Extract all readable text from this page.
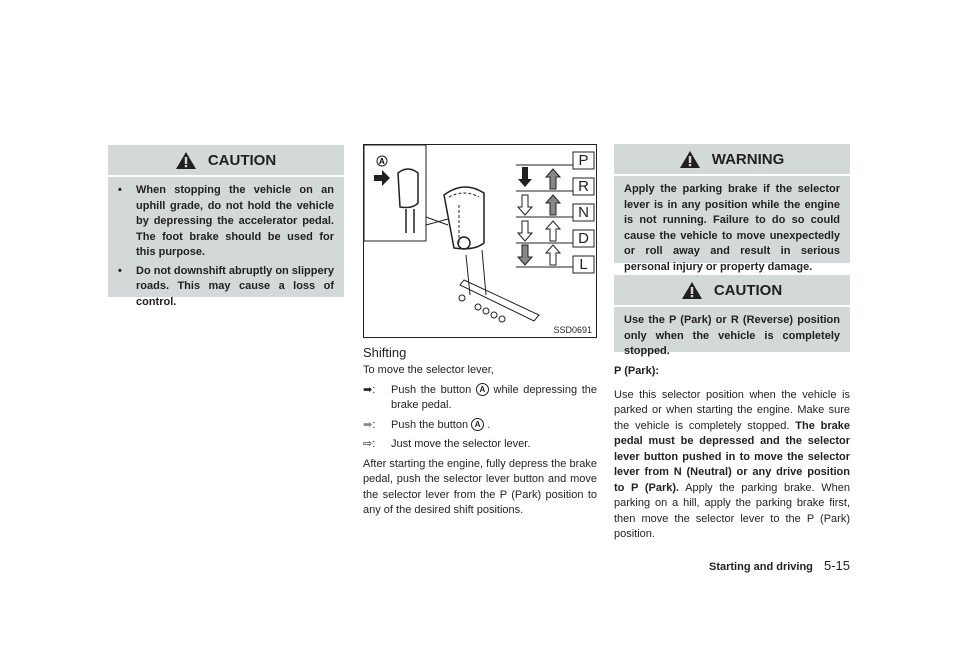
CAUTION
•	When stopping the vehicle on an uphill grade, do not hold the vehicle by depressing the accelerator pedal. The foot brake should be used for this purpose.
•	Do not downshift abruptly on slippery roads. This may cause a loss of control.
A	P
R
N
D
L
SSD0691
Shifting
To move the selector lever,
➡:	Push the button A while depressing the brake pedal.
➡:	Push the button A .
⇨:	Just move the selector lever.
After starting the engine, fully depress the brake pedal, push the selector lever button and move the selector lever from the P (Park) position to any of the desired shift positions.
WARNING
Apply the parking brake if the selector lever is in any position while the engine is not running. Failure to do so could cause the vehicle to move unexpectedly or roll away and result in serious personal injury or property damage.
CAUTION
Use the P (Park) or R (Reverse) position only when the vehicle is completely stopped.
P (Park):
Use this selector position when the vehicle is parked or when starting the engine. Make sure the vehicle is completely stopped. The brake pedal must be depressed and the selector lever button pushed in to move the selector lever from N (Neutral) or any drive position to P (Park). Apply the parking brake. When parking on a hill, apply the parking brake first, then move the selector lever to the P (Park) position.
Starting and driving 5-15
